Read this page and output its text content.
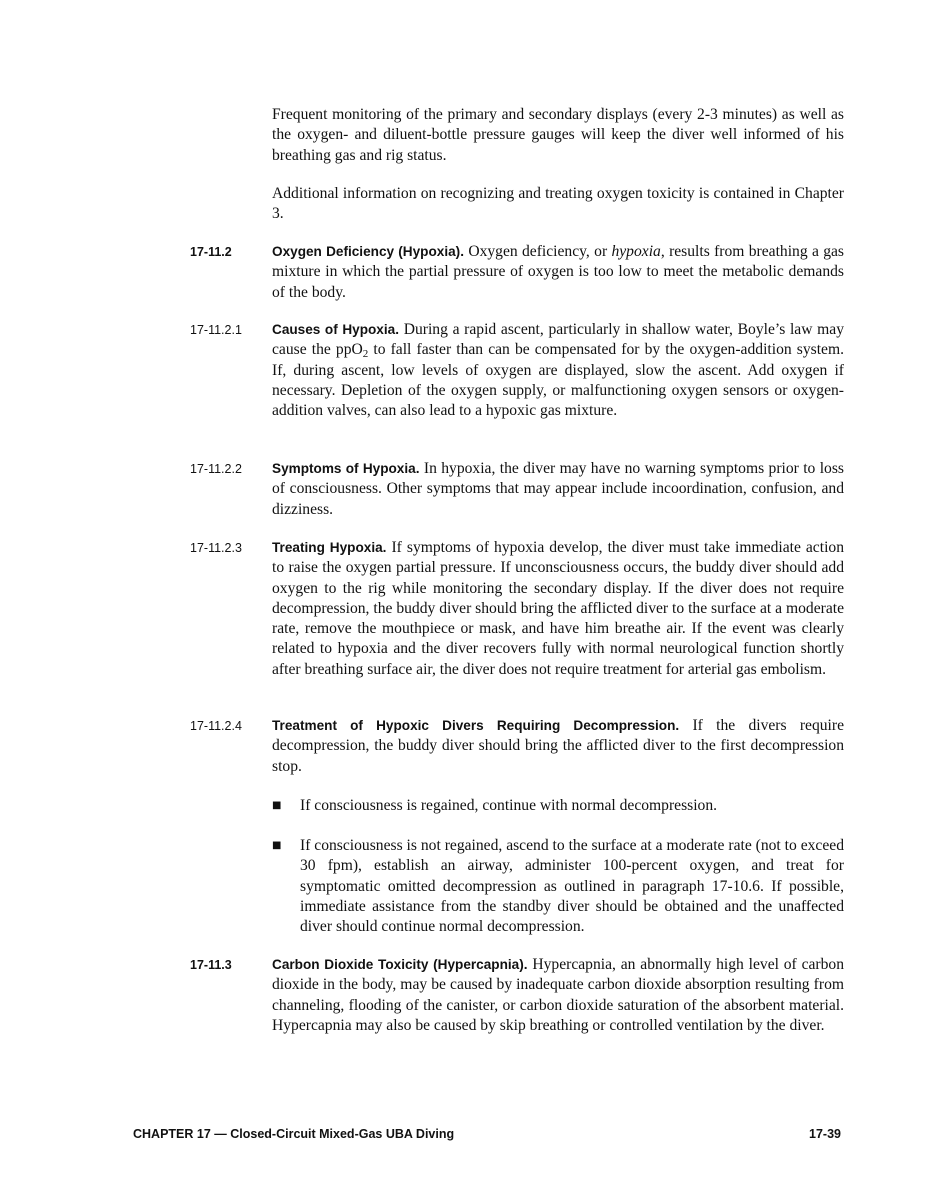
Frequent monitoring of the primary and secondary displays (every 2-3 minutes) as well as the oxygen- and diluent-bottle pressure gauges will keep the diver well informed of his breathing gas and rig status.

Additional information on recognizing and treating oxygen toxicity is contained in Chapter 3.

17-11.2	Oxygen Deficiency (Hypoxia). Oxygen deficiency, or hypoxia, results from breathing a gas mixture in which the partial pressure of oxygen is too low to meet the metabolic demands of the body.

17-11.2.1 Causes of Hypoxia. During a rapid ascent, particularly in shallow water, Boyle’s law may cause the ppO$_2$ to fall faster than can be compensated for by the oxygen-addition system. If, during ascent, low levels of oxygen are displayed, slow the ascent. Add oxygen if necessary. Depletion of the oxygen supply, or malfunctioning oxygen sensors or oxygen-addition valves, can also lead to a hypoxic gas mixture.

17-11.2.2 Symptoms of Hypoxia. In hypoxia, the diver may have no warning symptoms prior to loss of consciousness. Other symptoms that may appear include incoordination, confusion, and dizziness.

17-11.2.3 Treating Hypoxia. If symptoms of hypoxia develop, the diver must take immediate action to raise the oxygen partial pressure. If unconsciousness occurs, the buddy diver should add oxygen to the rig while monitoring the secondary display. If the diver does not require decompression, the buddy diver should bring the afflicted diver to the surface at a moderate rate, remove the mouthpiece or mask, and have him breathe air. If the event was clearly related to hypoxia and the diver recovers fully with normal neurological function shortly after breathing surface air, the diver does not require treatment for arterial gas embolism.

17-11.2.4 Treatment of Hypoxic Divers Requiring Decompression. If the divers require decompression, the buddy diver should bring the afflicted diver to the first decompression stop.

■ If consciousness is regained, continue with normal decompression.

■ If consciousness is not regained, ascend to the surface at a moderate rate (not to exceed 30 fpm), establish an airway, administer 100-percent oxygen, and treat for symptomatic omitted decompression as outlined in paragraph 17-10.6. If possible, immediate assistance from the standby diver should be obtained and the unaffected diver should continue normal decompression.

17-11.3	Carbon Dioxide Toxicity (Hypercapnia). Hypercapnia, an abnormally high level of carbon dioxide in the body, may be caused by inadequate carbon dioxide absorption resulting from channeling, flooding of the canister, or carbon dioxide saturation of the absorbent material. Hypercapnia may also be caused by skip breathing or controlled ventilation by the diver.

CHAPTER 17 — Closed-Circuit Mixed-Gas UBA Diving	17-39
